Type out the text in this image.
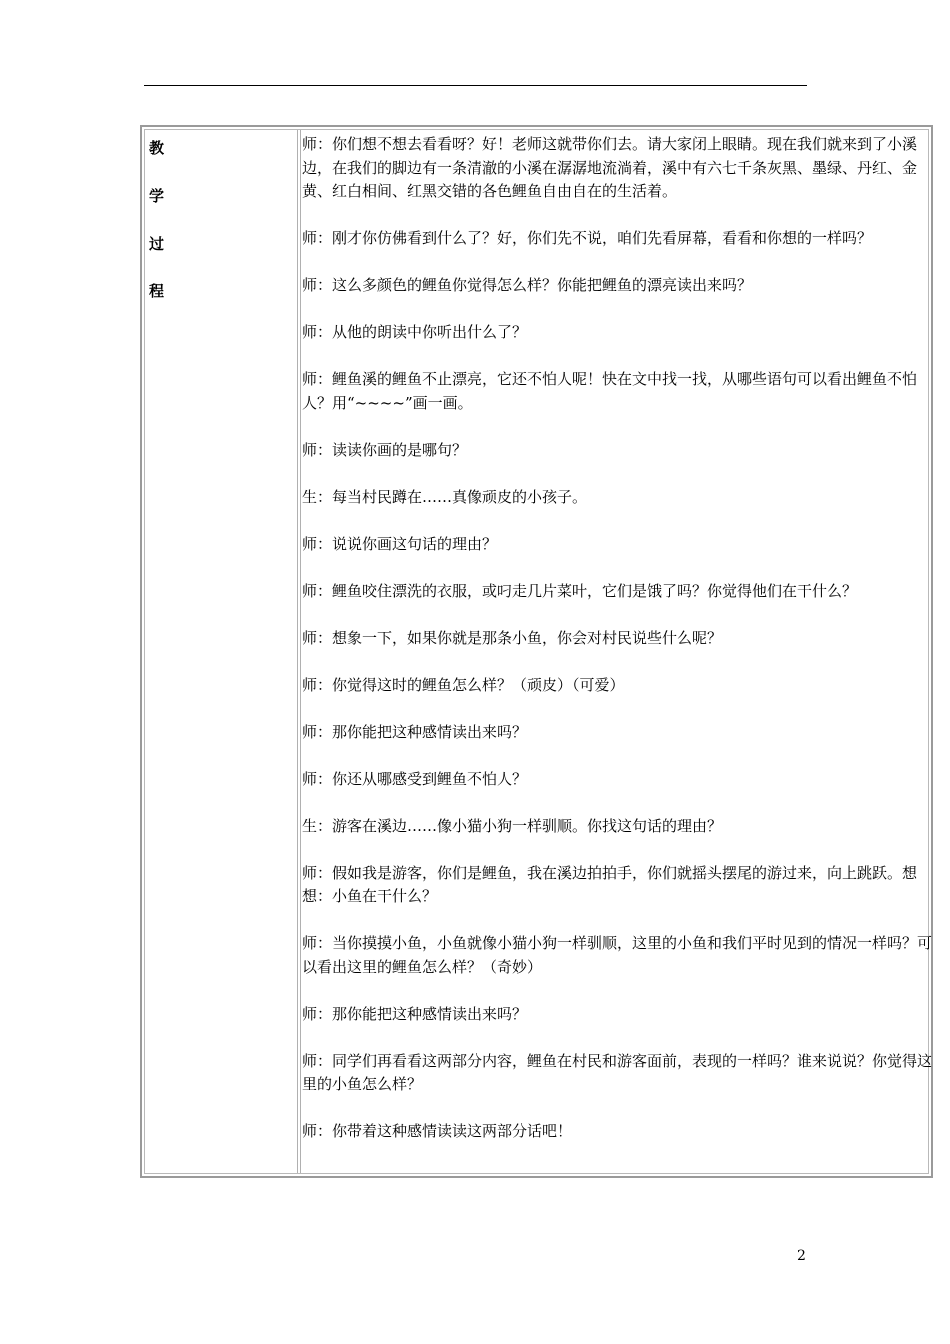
教
学
过
程

师：你们想不想去看看呀？好！老师这就带你们去。请大家闭上眼睛。现在我们就来到了小溪边，在我们的脚边有一条清澈的小溪在潺潺地流淌着，溪中有六七千条灰黑、墨绿、丹红、金黄、红白相间、红黑交错的各色鲤鱼自由自在的生活着。

师：刚才你仿佛看到什么了？好，你们先不说，咱们先看屏幕，看看和你想的一样吗？

师：这么多颜色的鲤鱼你觉得怎么样？你能把鲤鱼的漂亮读出来吗？

师：从他的朗读中你听出什么了？

师：鲤鱼溪的鲤鱼不止漂亮，它还不怕人呢！快在文中找一找，从哪些语句可以看出鲤鱼不怕人？用“~~~~”画一画。

师：读读你画的是哪句？

生：每当村民蹲在……真像顽皮的小孩子。

师：说说你画这句话的理由？

师：鲤鱼咬住漂洗的衣服，或叼走几片菜叶，它们是饿了吗？你觉得他们在干什么？

师：想象一下，如果你就是那条小鱼，你会对村民说些什么呢？

师：你觉得这时的鲤鱼怎么样？（顽皮）（可爱）

师：那你能把这种感情读出来吗？

师：你还从哪感受到鲤鱼不怕人？

生：游客在溪边……像小猫小狗一样驯顺。你找这句话的理由？

师：假如我是游客，你们是鲤鱼，我在溪边拍拍手，你们就摇头摆尾的游过来，向上跳跃。想想：小鱼在干什么？

师：当你摸摸小鱼，小鱼就像小猫小狗一样驯顺，这里的小鱼和我们平时见到的情况一样吗？可以看出这里的鲤鱼怎么样？（奇妙）

师：那你能把这种感情读出来吗？

师：同学们再看看这两部分内容，鲤鱼在村民和游客面前，表现的一样吗？谁来说说？你觉得这里的小鱼怎么样？

师：你带着这种感情读读这两部分话吧！

2
